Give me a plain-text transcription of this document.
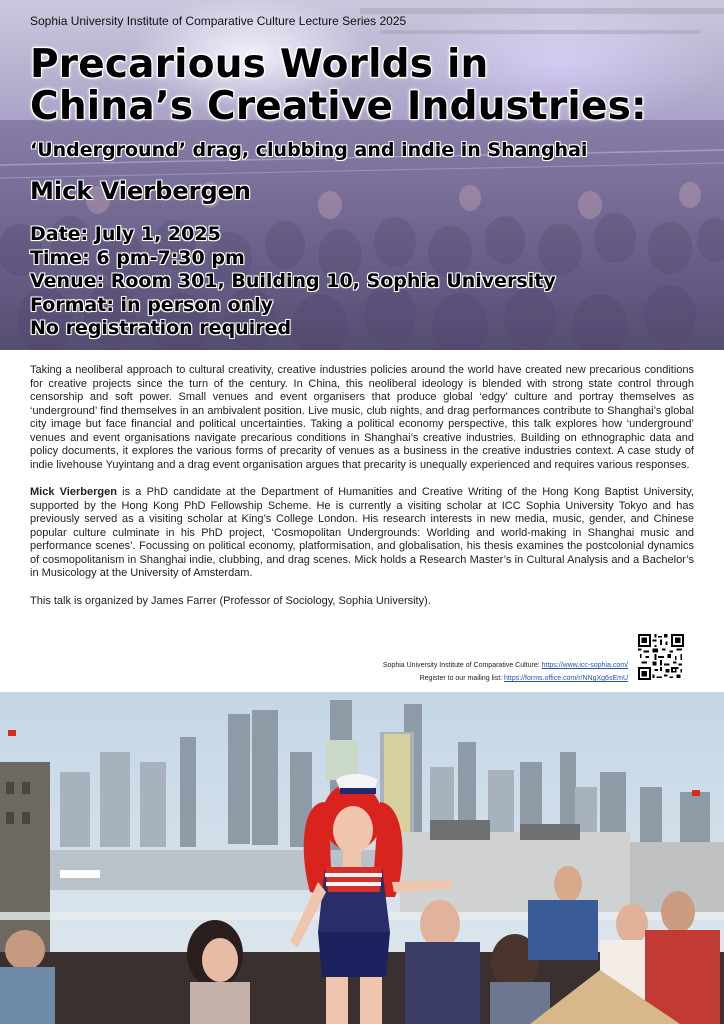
Sophia University Institute of Comparative Culture Lecture Series 2025
Precarious Worlds in
China’s Creative Industries:
‘Underground’ drag, clubbing and indie in Shanghai
Mick Vierbergen
Date: July 1, 2025
Time: 6 pm-7:30 pm
Venue: Room 301, Building 10, Sophia University
Format: in person only
No registration required

Taking a neoliberal approach to cultural creativity, creative industries policies around the world have created new precarious conditions for creative projects since the turn of the century. In China, this neoliberal ideology is blended with strong state control through censorship and soft power. Small venues and event organisers that produce global ‘edgy’ culture and portray themselves as ‘underground’ find themselves in an ambivalent position. Live music, club nights, and drag performances contribute to Shanghai’s global city image but face financial and political uncertainties. Taking a political economy perspective, this talk explores how ‘underground’ venues and event organisations navigate precarious conditions in Shanghai’s creative industries. Building on ethnographic data and policy documents, it explores the various forms of precarity of venues as a business in the creative industries context. A case study of indie livehouse Yuyintang and a drag event organisation argues that precarity is unequally experienced and requires various responses.

Mick Vierbergen is a PhD candidate at the Department of Humanities and Creative Writing of the Hong Kong Baptist University, supported by the Hong Kong PhD Fellowship Scheme. He is currently a visiting scholar at ICC Sophia University Tokyo and has previously served as a visiting scholar at King’s College London. His research interests in new media, music, gender, and Chinese popular culture culminate in his PhD project, ‘Cosmopolitan Undergrounds: Worlding and world-making in Shanghai music and performance scenes’. Focussing on political economy, platformisation, and globalisation, his thesis examines the postcolonial dynamics of cosmopolitanism in Shanghai indie, clubbing, and drag scenes. Mick holds a Research Master’s in Cultural Analysis and a Bachelor’s in Musicology at the University of Amsterdam.

This talk is organized by James Farrer (Professor of Sociology, Sophia University).

Sophia University Institute of Comparative Culture: https://www.icc-sophia.com/
Register to our mailing list: https://forms.office.com/r/NNgXg6sEmU
